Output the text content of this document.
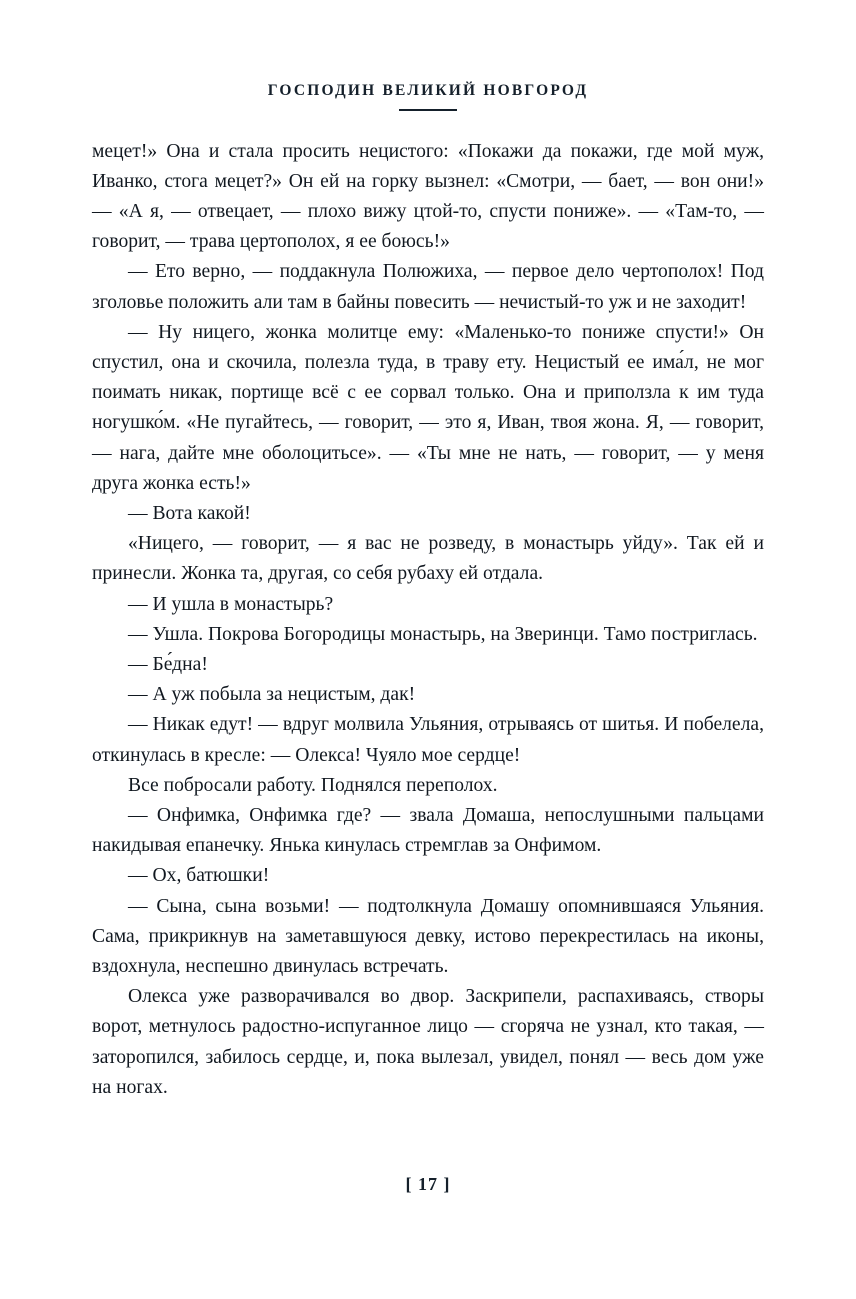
ГОСПОДИН ВЕЛИКИЙ НОВГОРОД

мецет!» Она и стала просить нецистого: «Покажи да покажи, где мой муж, Иванко, стога мецет?» Он ей на горку вызнел: «Смотри, — бает, — вон они!» — «А я, — отвецает, — плохо вижу цтой-то, спусти пониже». — «Там-то, — говорит, — трава цертополох, я ее боюсь!»

— Ето верно, — поддакнула Полюжиха, — первое дело чертополох! Под зголовье положить али там в байны повесить — нечистый-то уж и не заходит!

— Ну ницего, жонка молитце ему: «Маленько-то пониже спусти!» Он спустил, она и скочила, полезла туда, в траву ету. Нецистый ее има́л, не мог поимать никак, портище всё с ее сорвал только. Она и приползла к им туда ногушко́м. «Не пугайтесь, — говорит, — это я, Иван, твоя жона. Я, — говорит, — нага, дайте мне оболоцитьсе». — «Ты мне не нать, — говорит, — у меня друга жонка есть!»

— Вота какой!

«Ницего, — говорит, — я вас не розведу, в монастырь уйду». Так ей и принесли. Жонка та, другая, со себя рубаху ей отдала.

— И ушла в монастырь?

— Ушла. Покрова Богородицы монастырь, на Зверинци. Тамо постриглась.

— Бе́дна!

— А уж побыла за нецистым, дак!

— Никак едут! — вдруг молвила Ульяния, отрываясь от шитья. И побелела, откинулась в кресле: — Олекса! Чуяло мое сердце!

Все побросали работу. Поднялся переполох.

— Онфимка, Онфимка где? — звала Домаша, непослушными пальцами накидывая епанечку. Янька кинулась стремглав за Онфимом.

— Ох, батюшки!

— Сына, сына возьми! — подтолкнула Домашу опомнившаяся Ульяния. Сама, прикрикнув на заметавшуюся девку, истово перекрестилась на иконы, вздохнула, неспешно двинулась встречать.

Олекса уже разворачивался во двор. Заскрипели, распахиваясь, створы ворот, метнулось радостно-испуганное лицо — сгоряча не узнал, кто такая, — заторопился, забилось сердце, и, пока вылезал, увидел, понял — весь дом уже на ногах.

[ 17 ]
